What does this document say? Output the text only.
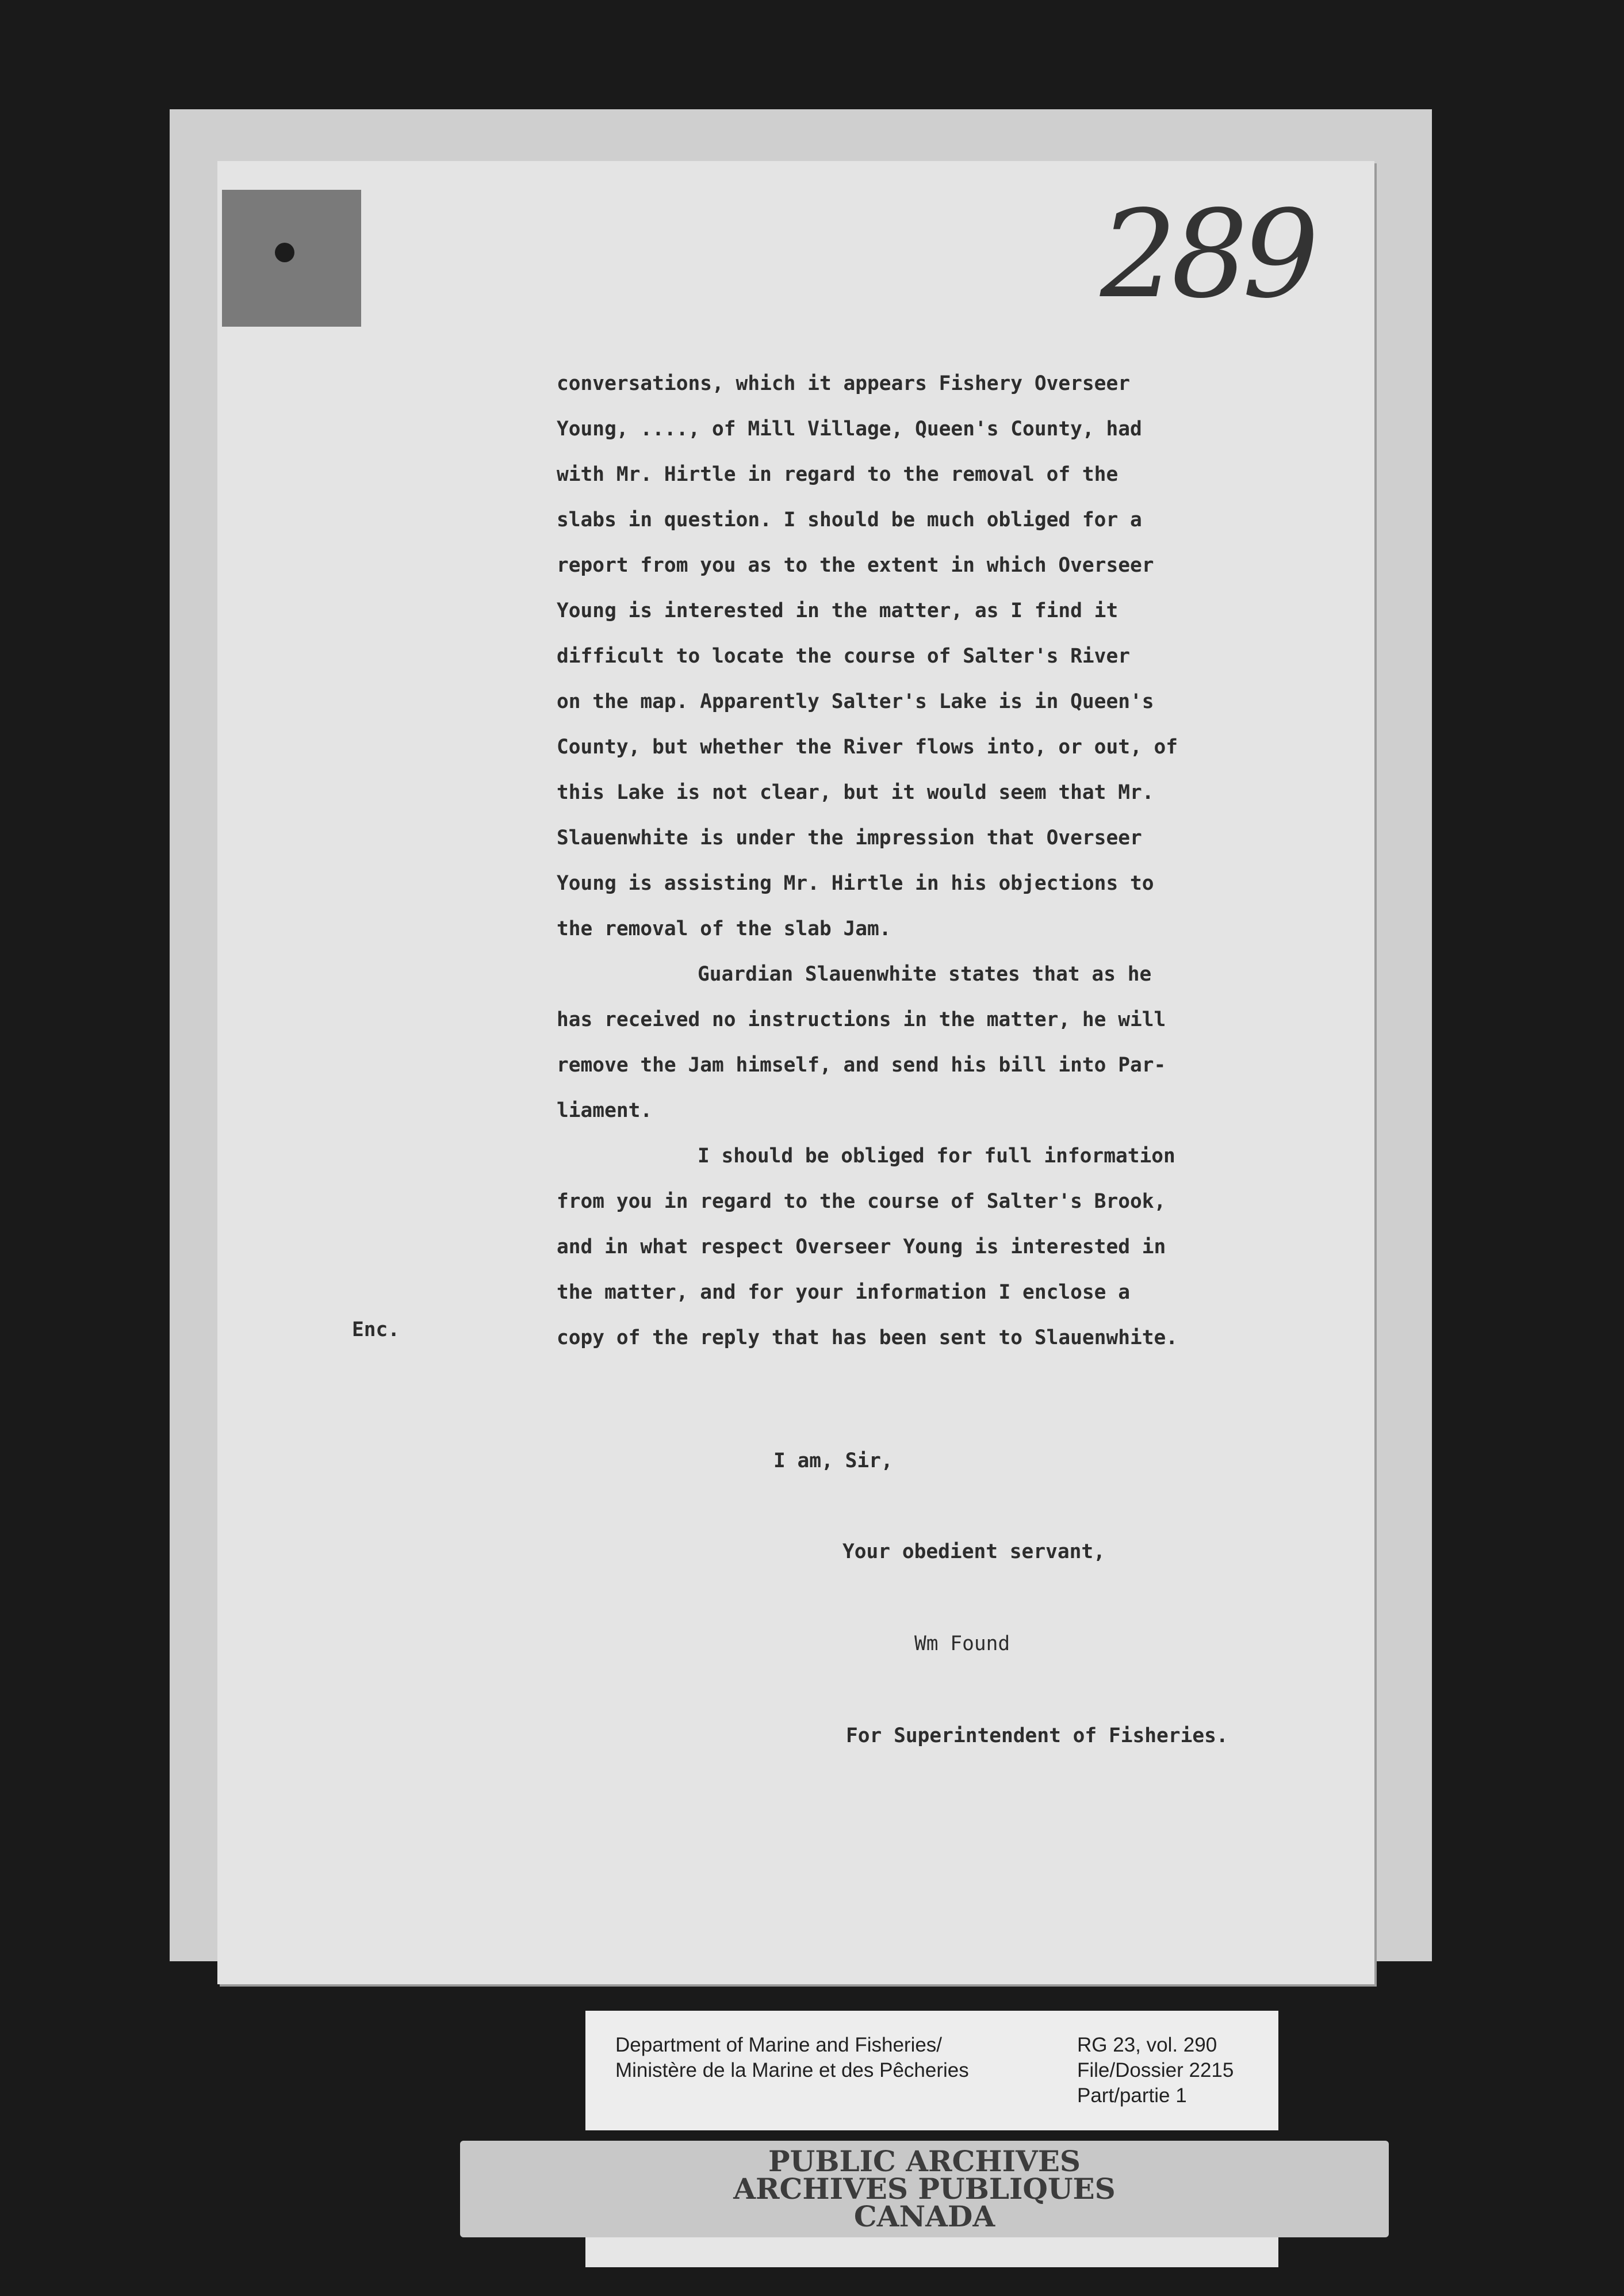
289
conversations, which it appears Fishery Overseer
Young, ...., of Mill Village, Queen's County, had
with Mr. Hirtle in regard to the removal of the
slabs in question. I should be much obliged for a
report from you as to the extent in which Overseer
Young is interested in the matter, as I find it
difficult to locate the course of Salter's River
on the map. Apparently Salter's Lake is in Queen's
County, but whether the River flows into, or out, of
this Lake is not clear, but it would seem that Mr.
Slauenwhite is under the impression that Overseer
Young is assisting Mr. Hirtle in his objections to
the removal of the slab Jam.
Guardian Slauenwhite states that as he
has received no instructions in the matter, he will
remove the Jam himself, and send his bill into Par-
liament.
I should be obliged for full information
from you in regard to the course of Salter's Brook,
and in what respect Overseer Young is interested in
the matter, and for your information I enclose a
copy of the reply that has been sent to Slauenwhite.
Enc.
I am, Sir,
Your obedient servant,
Wm Found
For Superintendent of Fisheries.
Department of Marine and Fisheries/
Ministère de la Marine et des Pêcheries
RG 23, vol. 290
File/Dossier 2215
Part/partie 1
PUBLIC ARCHIVES
ARCHIVES PUBLIQUES
CANADA
